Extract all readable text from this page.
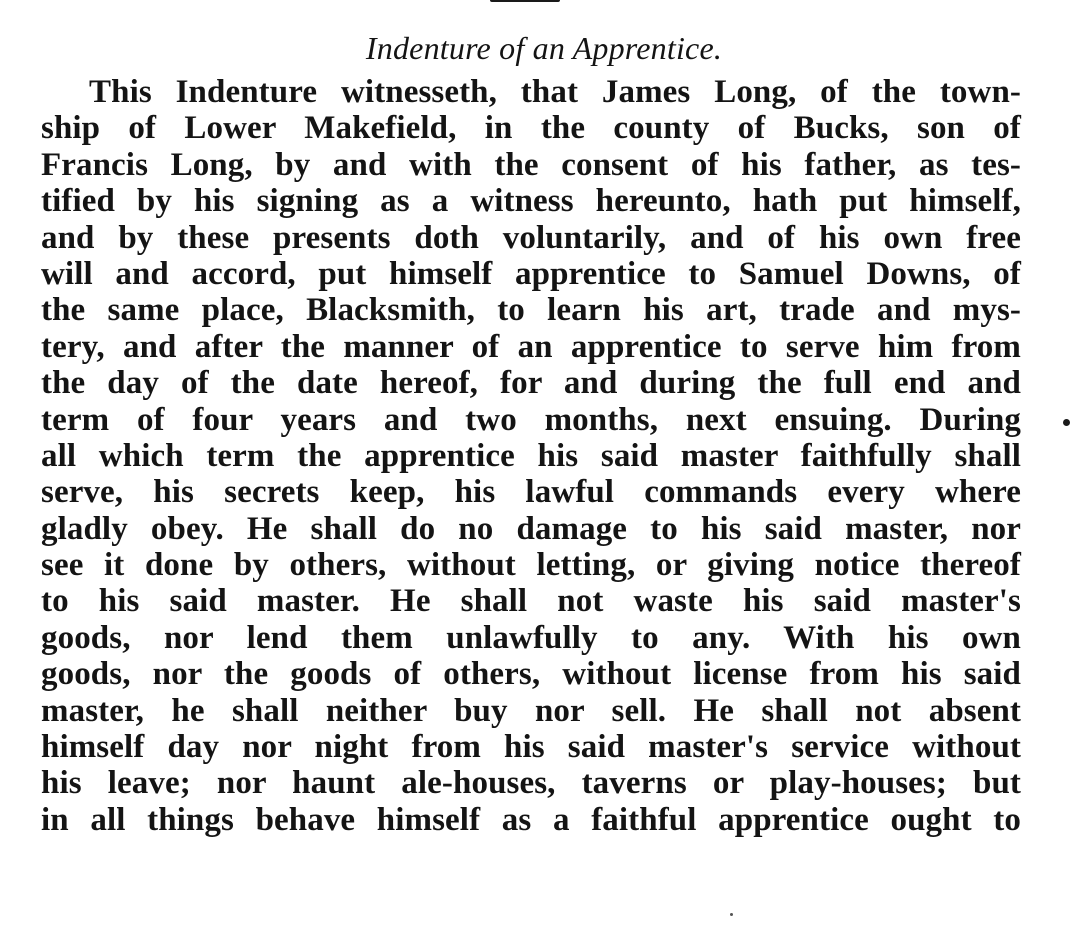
Indenture of an Apprentice.
This Indenture witnesseth, that James Long, of the town-
ship of Lower Makefield, in the county of Bucks, son of
Francis Long, by and with the consent of his father, as tes-
tified by his signing as a witness hereunto, hath put himself,
and by these presents doth voluntarily, and of his own free
will and accord, put himself apprentice to Samuel Downs, of
the same place, Blacksmith, to learn his art, trade and mys-
tery, and after the manner of an apprentice to serve him from
the day of the date hereof, for and during the full end and
term of four years and two months, next ensuing. During
all which term the apprentice his said master faithfully shall
serve, his secrets keep, his lawful commands every where
gladly obey. He shall do no damage to his said master, nor
see it done by others, without letting, or giving notice thereof
to his said master. He shall not waste his said master's
goods, nor lend them unlawfully to any. With his own
goods, nor the goods of others, without license from his said
master, he shall neither buy nor sell. He shall not absent
himself day nor night from his said master's service without
his leave; nor haunt ale-houses, taverns or play-houses; but
in all things behave himself as a faithful apprentice ought to
